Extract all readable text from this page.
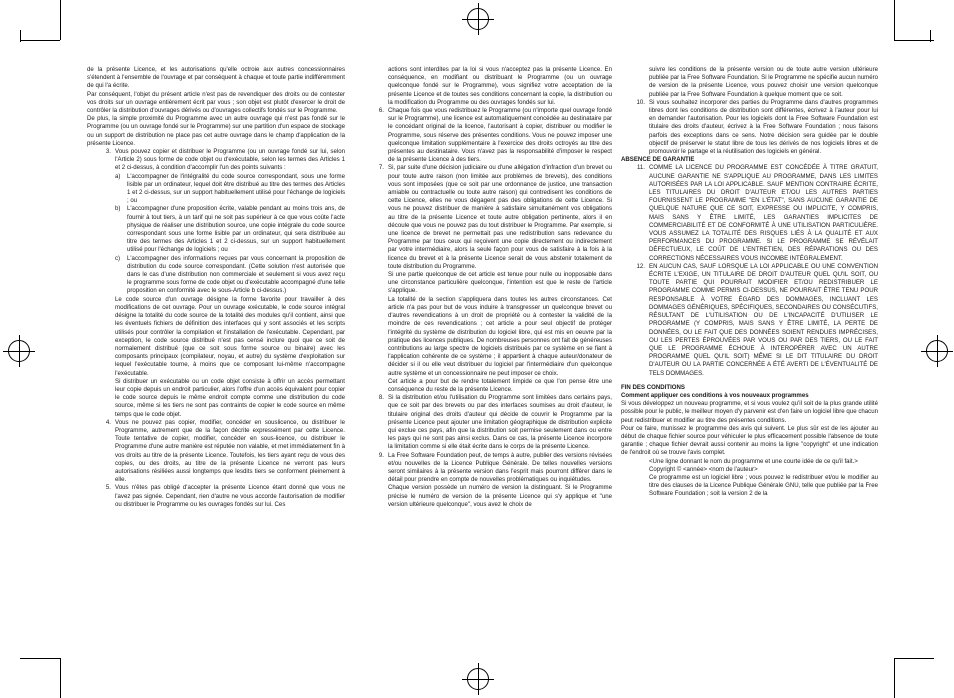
de la présente Licence, et les autorisations qu'elle octroie aux autres concessionnaires s'étendent à l'ensemble de l'ouvrage et par conséquent à chaque et toute partie indifféremment de qui l'a écrite.

Par conséquent, l'objet du présent article n'est pas de revendiquer des droits ou de contester vos droits sur un ouvrage entièrement écrit par vous ; son objet est plutôt d'exercer le droit de contrôler la distribution d'ouvrages dérivés ou d'ouvrages collectifs fondés sur le Programme.

De plus, la simple proximité du Programme avec un autre ouvrage qui n'est pas fondé sur le Programme (ou un ouvrage fondé sur le Programme) sur une partition d'un espace de stockage ou un support de distribution ne place pas cet autre ouvrage dans le champ d'application de la présente Licence.

3. Vous pouvez copier et distribuer le Programme (ou un ouvrage fondé sur lui, selon l'Article 2) sous forme de code objet ou d'exécutable, selon les termes des Articles 1 et 2 ci-dessus, à condition d'accomplir l'un des points suivants :

a) L'accompagner de l'intégralité du code source correspondant, sous une forme lisible par un ordinateur, lequel doit être distribué au titre des termes des Articles 1 et 2 ci-dessus, sur un support habituellement utilisé pour l'échange de logiciels ; ou

b) L'accompagner d'une proposition écrite, valable pendant au moins trois ans, de fournir à tout tiers, à un tarif qui ne soit pas supérieur à ce que vous coûte l'acte physique de réaliser une distribution source, une copie intégrale du code source correspondant sous une forme lisible par un ordinateur, qui sera distribuée au titre des termes des Articles 1 et 2 ci-dessus, sur un support habituellement utilisé pour l'échange de logiciels ; ou

c) L'accompagner des informations reçues par vous concernant la proposition de distribution du code source correspondant. (Cette solution n'est autorisée que dans le cas d'une distribution non commerciale et seulement si vous avez reçu le programme sous forme de code objet ou d'exécutable accompagné d'une telle proposition en conformité avec le sous-Article b ci-dessus.)

Le code source d'un ouvrage désigne la forme favorite pour travailler à des modifications de cet ouvrage. Pour un ouvrage exécutable, le code source intégral désigne la totalité du code source de la totalité des modules qu'il contient, ainsi que les éventuels fichiers de définition des interfaces qui y sont associés et les scripts utilisés pour contrôler la compilation et l'installation de l'exécutable. Cependant, par exception, le code source distribué n'est pas censé inclure quoi que ce soit de normalement distribué (que ce soit sous forme source ou binaire) avec les composants principaux (compilateur, noyau, et autre) du système d'exploitation sur lequel l'exécutable tourne, à moins que ce composant lui-même n'accompagne l'exécutable.

Si distribuer un exécutable ou un code objet consiste à offrir un accès permettant leur copie depuis un endroit particulier, alors l'offre d'un accès équivalent pour copier le code source depuis le même endroit compte comme une distribution du code source, même si les tiers ne sont pas contraints de copier le code source en même temps que le code objet.

4. Vous ne pouvez pas copier, modifier, concéder en souslicence, ou distribuer le Programme, autrement que de la façon décrite expressément par cette Licence. Toute tentative de copier, modifier, concéder en sous-licence, ou distribuer le Programme d'une autre manière est réputée non valable, et met immédiatement fin à vos droits au titre de la présente Licence. Toutefois, les tiers ayant reçu de vous des copies, ou des droits, au titre de la présente Licence ne verront pas leurs autorisations résiliées aussi longtemps que lesdits tiers se conforment pleinement à elle.

5. Vous n'êtes pas obligé d'accepter la présente Licence étant donné que vous ne l'avez pas signée. Cependant, rien d'autre ne vous accorde l'autorisation de modifier ou distribuer le Programme ou les ouvrages fondés sur lui. Ces

actions sont interdites par la loi si vous n'acceptez pas la présente Licence. En conséquence, en modifiant ou distribuant le Programme (ou un ouvrage quelconque fondé sur le Programme), vous signifiez votre acceptation de la présente Licence et de toutes ses conditions concernant la copie, la distribution ou la modification du Programme ou des ouvrages fondés sur lui.

6. Chaque fois que vous redistribuez le Programme (ou n'importe quel ouvrage fondé sur le Programme), une licence est automatiquement concédée au destinataire par le concédant original de la licence, l'autorisant à copier, distribuer ou modifier le Programme, sous réserve des présentes conditions. Vous ne pouvez imposer une quelconque limitation supplémentaire à l'exercice des droits octroyés au titre des présentes au destinataire. Vous n'avez pas la responsabilité d'imposer le respect de la présente Licence à des tiers.

7. Si, par suite d'une décision judiciaire ou d'une allégation d'infraction d'un brevet ou pour toute autre raison (non limitée aux problèmes de brevets), des conditions vous sont imposées (que ce soit par une ordonnance de justice, une transaction amiable ou contractuelle ou toute autre raison) qui contredisent les conditions de cette Licence, elles ne vous dégagent pas des obligations de cette Licence. Si vous ne pouvez distribuer de manière à satisfaire simultanément vos obligations au titre de la présente Licence et toute autre obligation pertinente, alors il en découle que vous ne pouvez pas du tout distribuer le Programme. Par exemple, si une licence de brevet ne permettait pas une redistribution sans redevance du Programme par tous ceux qui reçoivent une copie directement ou indirectement par votre intermédiaire, alors la seule façon pour vous de satisfaire à la fois à la licence du brevet et à la présente Licence serait de vous abstenir totalement de toute distribution du Programme.

Si une partie quelconque de cet article est tenue pour nulle ou inopposable dans une circonstance particulière quelconque, l'intention est que le reste de l'article s'applique.

La totalité de la section s'appliquera dans toutes les autres circonstances. Cet article n'a pas pour but de vous induire à transgresser un quelconque brevet ou d'autres revendications à un droit de propriété ou à contester la validité de la moindre de ces revendications ; cet article a pour seul objectif de protéger l'intégrité du système de distribution du logiciel libre, qui est mis en oeuvre par la pratique des licences publiques. De nombreuses personnes ont fait de généreuses contributions au large spectre de logiciels distribués par ce système en se fiant à l'application cohérente de ce système ; il appartient à chaque auteur/donateur de décider si il ou elle veut distribuer du logiciel par l'intermédiaire d'un quelconque autre système et un concessionnaire ne peut imposer ce choix.

Cet article a pour but de rendre totalement limpide ce que l'on pense être une conséquence du reste de la présente Licence.

8. Si la distribution et/ou l'utilisation du Programme sont limitées dans certains pays, que ce soit par des brevets ou par des interfaces soumises au droit d'auteur, le titulaire original des droits d'auteur qui décide de couvrir le Programme par la présente Licence peut ajouter une limitation géographique de distribution explicite qui exclue ces pays, afin que la distribution soit permise seulement dans ou entre les pays qui ne sont pas ainsi exclus. Dans ce cas, la présente Licence incorpore la limitation comme si elle était écrite dans le corps de la présente Licence.

9. La Free Software Foundation peut, de temps à autre, publier des versions révisées et/ou nouvelles de la Licence Publique Générale. De telles nouvelles versions seront similaires à la présente version dans l'esprit mais pourront différer dans le détail pour prendre en compte de nouvelles problématiques ou inquiétudes.

Chaque version possède un numéro de version la distinguant. Si le Programme précise le numéro de version de la présente Licence qui s'y applique et "une version ultérieure quelconque", vous avez le choix de

suivre les conditions de la présente version ou de toute autre version ultérieure publiée par la Free Software Foundation. Si le Programme ne spécifie aucun numéro de version de la présente Licence, vous pouvez choisir une version quelconque publiée par la Free Software Foundation à quelque moment que ce soit.

10. Si vous souhaitez incorporer des parties du Programme dans d'autres programmes libres dont les conditions de distribution sont différentes, écrivez à l'auteur pour lui en demander l'autorisation. Pour les logiciels dont la Free Software Foundation est titulaire des droits d'auteur, écrivez à la Free Software Foundation ; nous faisons parfois des exceptions dans ce sens. Notre décision sera guidée par le double objectif de préserver le statut libre de tous les dérivés de nos logiciels libres et de promouvoir le partage et la réutilisation des logiciels en général.

ABSENCE DE GARANTIE

11. COMME LA LICENCE DU PROGRAMME EST CONCÉDÉE À TITRE GRATUIT, AUCUNE GARANTIE NE S'APPLIQUE AU PROGRAMME, DANS LES LIMITES AUTORISÉES PAR LA LOI APPLICABLE. SAUF MENTION CONTRAIRE ÉCRITE, LES TITULAIRES DU DROIT D'AUTEUR ET/OU LES AUTRES PARTIES FOURNISSENT LE PROGRAMME "EN L'ÉTAT", SANS AUCUNE GARANTIE DE QUELQUE NATURE QUE CE SOIT, EXPRESSE OU IMPLICITE, Y COMPRIS, MAIS SANS Y ÊTRE LIMITÉ, LES GARANTIES IMPLICITES DE COMMERCIABILITÉ ET DE CONFORMITÉ À UNE UTILISATION PARTICULIÈRE. VOUS ASSUMEZ LA TOTALITÉ DES RISQUES LIÉS À LA QUALITÉ ET AUX PERFORMANCES DU PROGRAMME. SI LE PROGRAMME SE RÉVÉLAIT DÉFECTUEUX, LE COÛT DE L'ENTRETIEN, DES RÉPARATIONS OU DES CORRECTIONS NÉCESSAIRES VOUS INCOMBE INTÉGRALEMENT.

12. EN AUCUN CAS, SAUF LORSQUE LA LOI APPLICABLE OU UNE CONVENTION ÉCRITE L'EXIGE, UN TITULAIRE DE DROIT D'AUTEUR QUEL QU'IL SOIT, OU TOUTE PARTIE QUI POURRAIT MODIFIER ET/OU REDISTRIBUER LE PROGRAMME COMME PERMIS CI-DESSUS, NE POURRAIT ÊTRE TENU POUR RESPONSABLE À VOTRE ÉGARD DES DOMMAGES, INCLUANT LES DOMMAGES GÉNÉRIQUES, SPÉCIFIQUES, SECONDAIRES OU CONSÉCUTIFS, RÉSULTANT DE L'UTILISATION OU DE L'INCAPACITÉ D'UTILISER LE PROGRAMME (Y COMPRIS, MAIS SANS Y ÊTRE LIMITÉ, LA PERTE DE DONNÉES, OU LE FAIT QUE DES DONNÉES SOIENT RENDUES IMPRÉCISES, OU LES PERTES ÉPROUVÉES PAR VOUS OU PAR DES TIERS, OU LE FAIT QUE LE PROGRAMME ÉCHOUE À INTEROPÉRER AVEC UN AUTRE PROGRAMME QUEL QU'IL SOIT) MÊME SI LE DIT TITULAIRE DU DROIT D'AUTEUR OU LA PARTIE CONCERNÉE A ÉTÉ AVERTI DE L'ÉVENTUALITÉ DE TELS DOMMAGES.

FIN DES CONDITIONS

Comment appliquer ces conditions à vos nouveaux programmes

Si vous développez un nouveau programme, et si vous voulez qu'il soit de la plus grande utilité possible pour le public, le meilleur moyen d'y parvenir est d'en faire un logiciel libre que chacun peut redistribuer et modifier au titre des présentes conditions.

Pour ce faire, munissez le programme des avis qui suivent. Le plus sûr est de les ajouter au début de chaque fichier source pour véhiculer le plus efficacement possible l'absence de toute garantie ; chaque fichier devrait aussi contenir au moins la ligne "copyright" et une indication de l'endroit où se trouve l'avis complet.

<Une ligne donnant le nom du programme et une courte idée de ce qu'il fait.>

Copyright © <année> <nom de l'auteur>

Ce programme est un logiciel libre ; vous pouvez le redistribuer et/ou le modifier au titre des clauses de la Licence Publique Générale GNU, telle que publiée par la Free Software Foundation ; soit la version 2 de la
